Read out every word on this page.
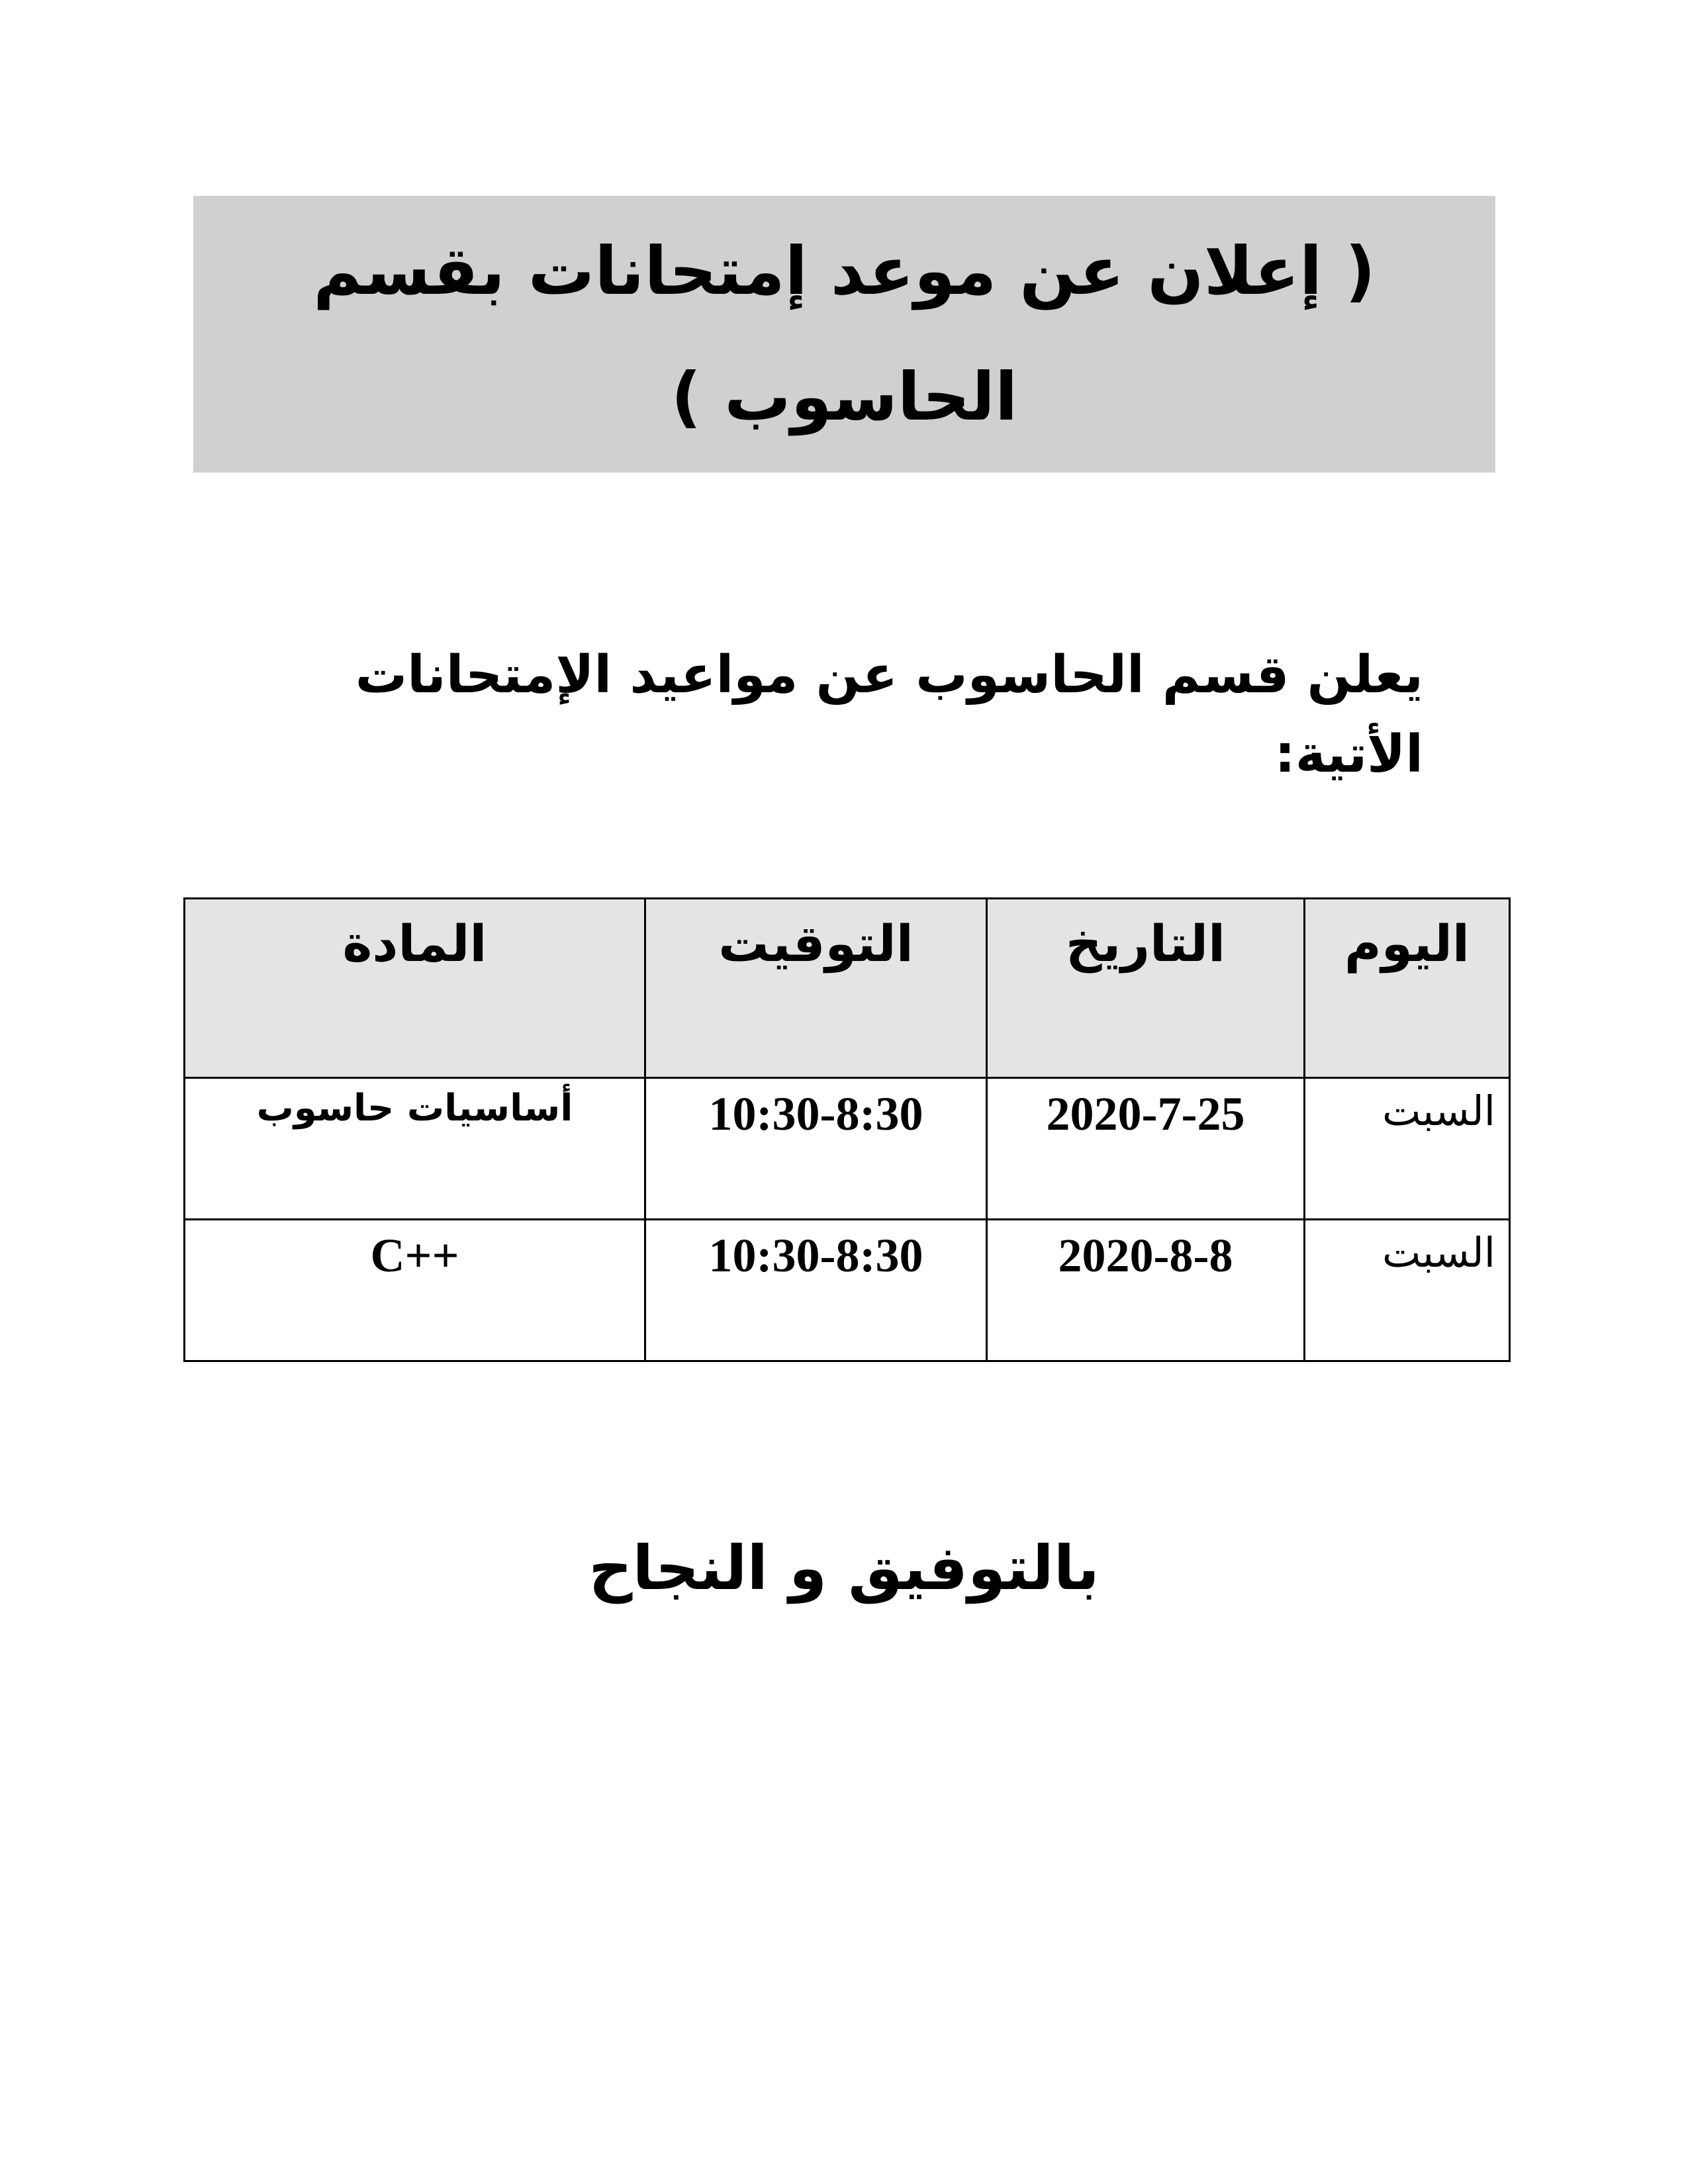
( إعلان عن موعد إمتحانات بقسم الحاسوب )

يعلن قسم الحاسوب عن مواعيد الإمتحانات الأتية:

اليوم	التاريخ	التوقيت	المادة
السبت	2020-7-25	10:30-8:30	أساسيات حاسوب
السبت	2020-8-8	10:30-8:30	C++

بالتوفيق و النجاح
